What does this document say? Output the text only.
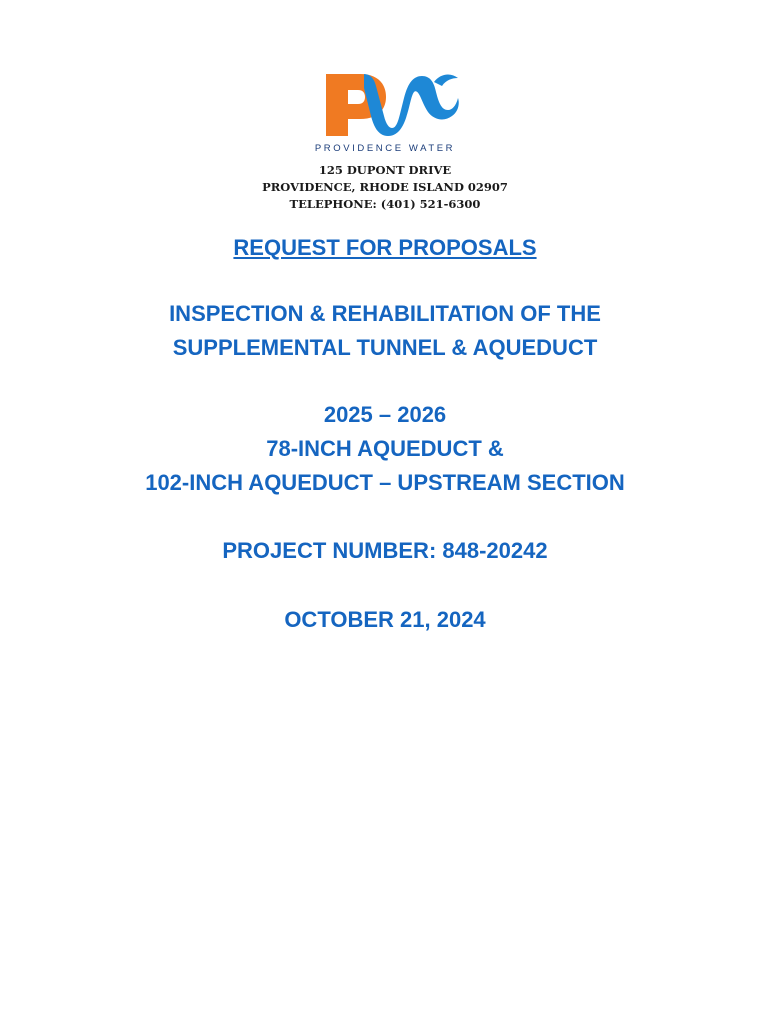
PROVIDENCE WATER
125 DUPONT DRIVE
PROVIDENCE, RHODE ISLAND 02907
TELEPHONE: (401) 521-6300
REQUEST FOR PROPOSALS
INSPECTION & REHABILITATION OF THE
SUPPLEMENTAL TUNNEL & AQUEDUCT
2025 – 2026
78-INCH AQUEDUCT &
102-INCH AQUEDUCT – UPSTREAM SECTION
PROJECT NUMBER: 848-20242
OCTOBER 21, 2024
